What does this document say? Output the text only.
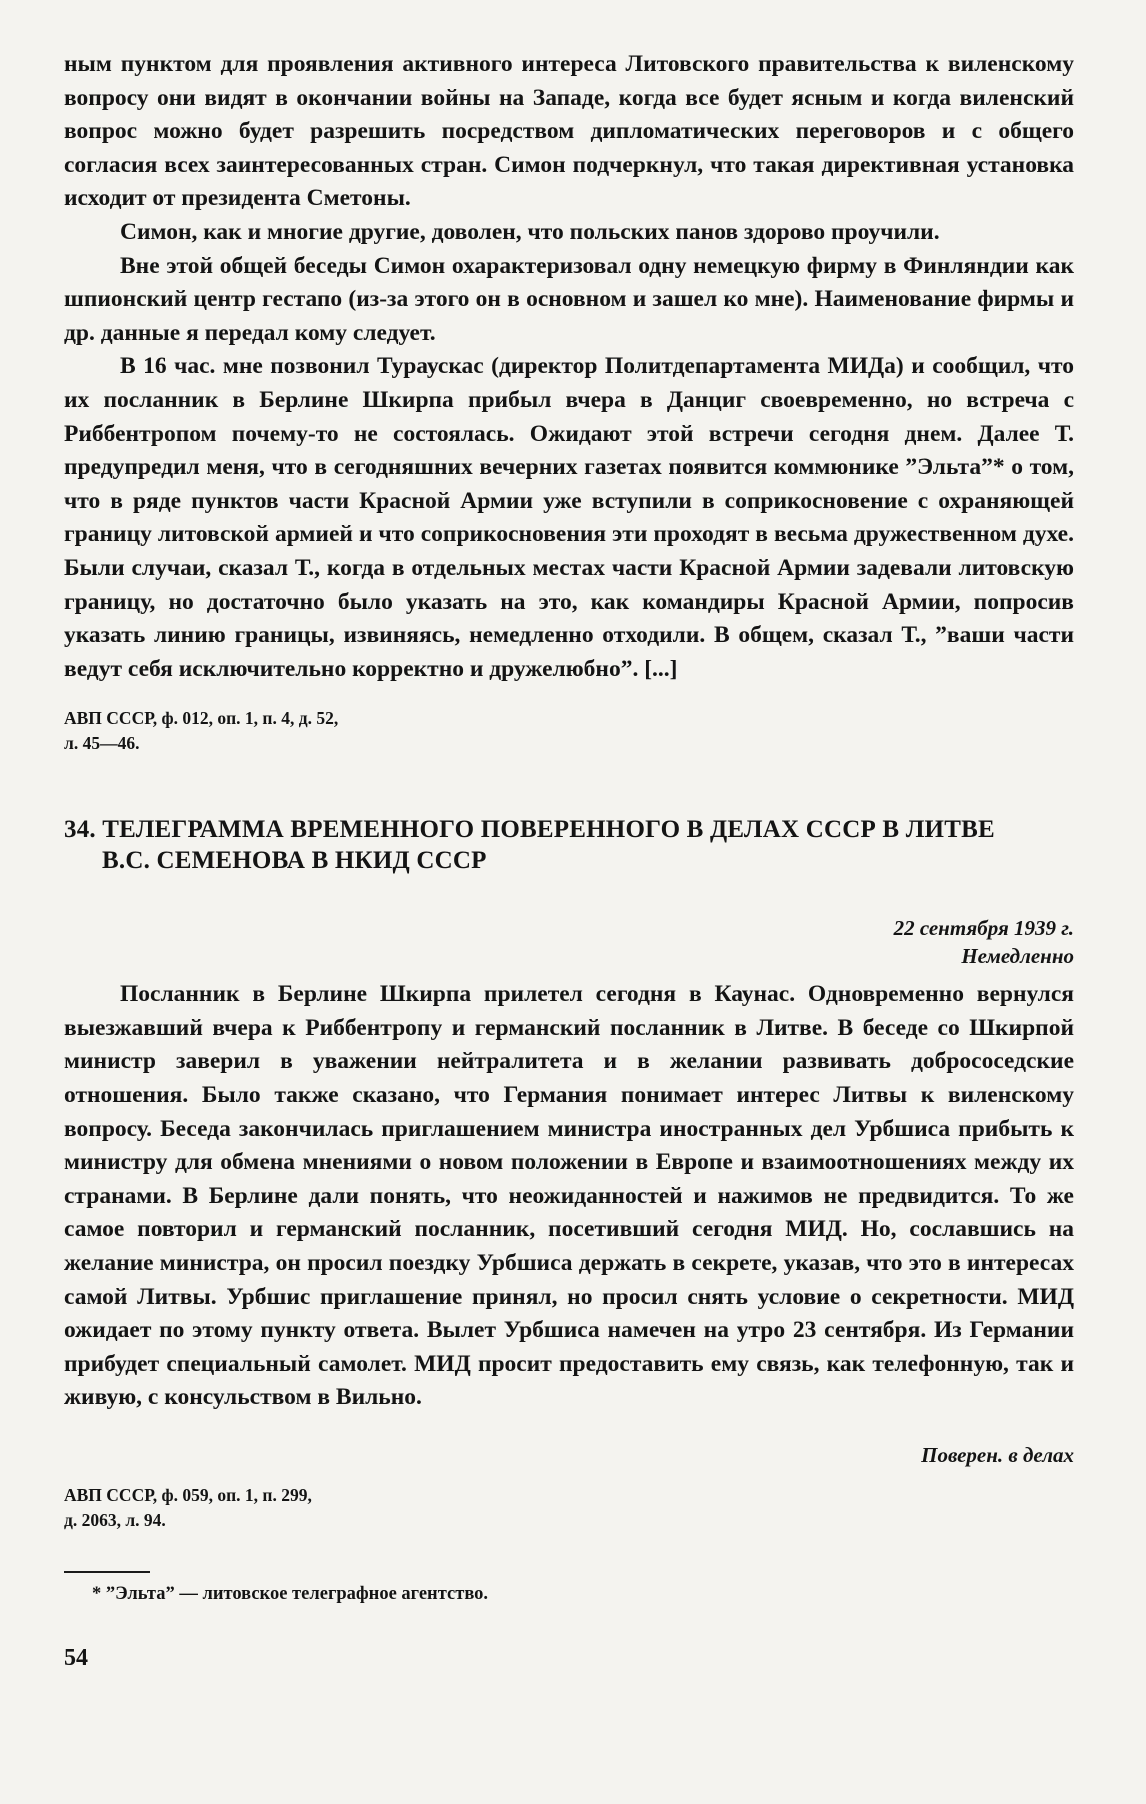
ным пунктом для проявления активного интереса Литовского правительства к виленскому вопросу они видят в окончании войны на Западе, когда все будет ясным и когда виленский вопрос можно будет разрешить посредством дипломатических переговоров и с общего согласия всех заинтересованных стран. Симон подчеркнул, что такая директивная установка исходит от президента Сметоны.

Симон, как и многие другие, доволен, что польских панов здорово проучили.

Вне этой общей беседы Симон охарактеризовал одну немецкую фирму в Финляндии как шпионский центр гестапо (из-за этого он в основном и зашел ко мне). Наименование фирмы и др. данные я передал кому следует.

В 16 час. мне позвонил Тураускас (директор Политдепартамента МИДа) и сообщил, что их посланник в Берлине Шкирпа прибыл вчера в Данциг своевременно, но встреча с Риббентропом почему-то не состоялась. Ожидают этой встречи сегодня днем. Далее Т. предупредил меня, что в сегодняшних вечерних газетах появится коммюнике ”Эльта”* о том, что в ряде пунктов части Красной Армии уже вступили в соприкосновение с охраняющей границу литовской армией и что соприкосновения эти проходят в весьма дружественном духе. Были случаи, сказал Т., когда в отдельных местах части Красной Армии задевали литовскую границу, но достаточно было указать на это, как командиры Красной Армии, попросив указать линию границы, извиняясь, немедленно отходили. В общем, сказал Т., ”ваши части ведут себя исключительно корректно и дружелюбно”. [...]

АВП СССР, ф. 012, оп. 1, п. 4, д. 52,

л. 45—46.

34. ТЕЛЕГРАММА ВРЕМЕННОГО ПОВЕРЕННОГО В ДЕЛАХ СССР В ЛИТВЕ

В.С. СЕМЕНОВА В НКИД СССР

22 сентября 1939 г.

Немедленно

Посланник в Берлине Шкирпа прилетел сегодня в Каунас. Одновременно вернулся выезжавший вчера к Риббентропу и германский посланник в Литве. В беседе со Шкирпой министр заверил в уважении нейтралитета и в желании развивать добрососедские отношения. Было также сказано, что Германия понимает интерес Литвы к виленскому вопросу. Беседа закончилась приглашением министра иностранных дел Урбшиса прибыть к министру для обмена мнениями о новом положении в Европе и взаимоотношениях между их странами. В Берлине дали понять, что неожиданностей и нажимов не предвидится. То же самое повторил и германский посланник, посетивший сегодня МИД. Но, сославшись на желание министра, он просил поездку Урбшиса держать в секрете, указав, что это в интересах самой Литвы. Урбшис приглашение принял, но просил снять условие о секретности. МИД ожидает по этому пункту ответа. Вылет Урбшиса намечен на утро 23 сентября. Из Германии прибудет специальный самолет. МИД просит предоставить ему связь, как телефонную, так и живую, с консульством в Вильно.

Поверен. в делах

АВП СССР, ф. 059, оп. 1, п. 299,

д. 2063, л. 94.

* ”Эльта” — литовское телеграфное агентство.

54
